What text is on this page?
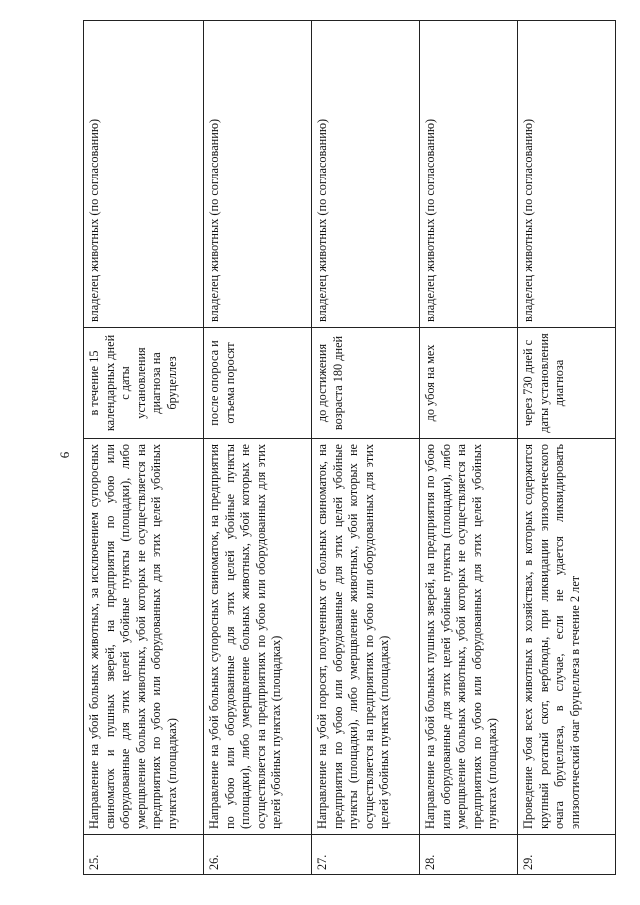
6
25.	Направление на убой больных животных, за исключением супоросных свиноматок и пушных зверей, на предприятия по убою или оборудованные для этих целей убойные пункты (площадки), либо умерщвление больных животных, убой которых не осуществляется на предприятиях по убою или оборудованных для этих целей убойных пунктах (площадках)	в течение 15 календарных дней с даты установления диагноза на бруцеллез	владелец животных (по согласованию)
26.	Направление на убой больных супоросных свиноматок, на предприятия по убою или оборудованные для этих целей убойные пункты (площадки), либо умерщвление больных животных, убой которых не осуществляется на предприятиях по убою или оборудованных для этих целей убойных пунктах (площадках)	после опороса и отъема поросят	владелец животных (по согласованию)
27.	Направление на убой поросят, полученных от больных свиноматок, на предприятия по убою или оборудованные для этих целей убойные пункты (площадки), либо умерщвление животных, убой которых не осуществляется на предприятиях по убою или оборудованных для этих целей убойных пунктах (площадках)	до достижения возраста 180 дней	владелец животных (по согласованию)
28.	Направление на убой больных пушных зверей, на предприятия по убою или оборудованные для этих целей убойные пункты (площадки), либо умерщвление больных животных, убой которых не осуществляется на предприятиях по убою или оборудованных для этих целей убойных пунктах (площадках)	до убоя на мех	владелец животных (по согласованию)
29.	Проведение убоя всех животных в хозяйствах, в которых содержится крупный рогатый скот, верблюды, при ликвидации эпизоотического очага бруцеллеза, в случае, если не удается ликвидировать эпизоотический очаг бруцеллеза в течение 2 лет	через 730 дней с даты установления диагноза	владелец животных (по согласованию)
